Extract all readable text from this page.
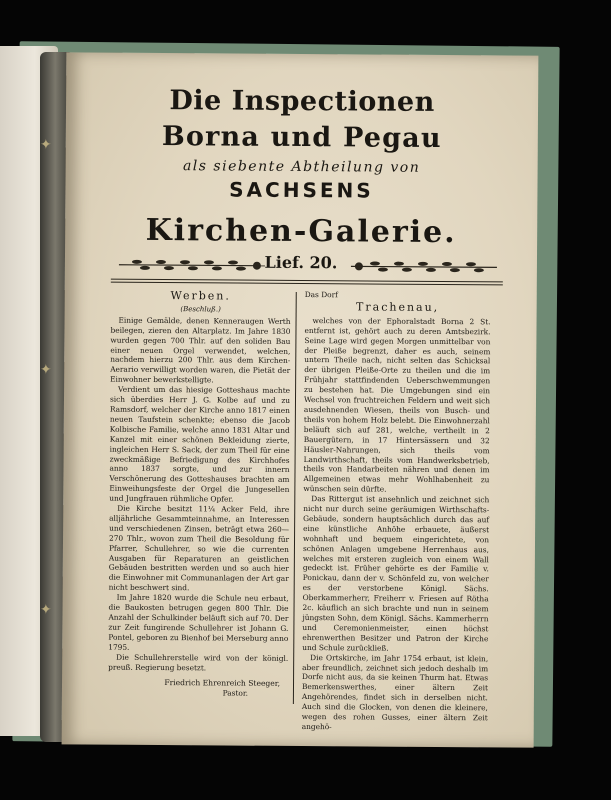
✦
✦
✦
Die Inspectionen
Borna und Pegau
als siebente Abtheilung von
SACHSENS
Kirchen-Galerie.
Lief. 20.
Werben.
(Beschluß.)

Einige Gemälde, denen Kenneraugen Werth beilegen, zieren den Altarplatz. Im Jahre 1830 wurden gegen 700 Thlr. auf den soliden Bau einer neuen Orgel verwendet, welchen, nachdem hierzu 200 Thlr. aus dem Kirchen-Aerario verwilligt worden waren, die Pietät der Einwohner bewerkstelligte.

Verdient um das hiesige Gotteshaus machte sich überdies Herr J. G. Kolbe auf und zu Ramsdorf, welcher der Kirche anno 1817 einen neuen Taufstein schenkte; ebenso die Jacob Kolbische Familie, welche anno 1831 Altar und Kanzel mit einer schönen Bekleidung zierte, ingleichen Herr S. Sack, der zum Theil für eine zweckmäßige Befriedigung des Kirchhofes anno 1837 sorgte, und zur innern Verschönerung des Gotteshauses brachten am Einweihungsfeste der Orgel die Jungesellen und Jungfrauen rühmliche Opfer.

Die Kirche besitzt 11¼ Acker Feld, ihre alljährliche Gesammteinnahme, an Interessen und verschiedenen Zinsen, beträgt etwa 260—270 Thlr., wovon zum Theil die Besoldung für Pfarrer, Schullehrer, so wie die currenten Ausgaben für Reparaturen an geistlichen Gebäuden bestritten werden und so auch hier die Einwohner mit Communanlagen der Art gar nicht beschwert sind.

Im Jahre 1820 wurde die Schule neu erbaut, die Baukosten betrugen gegen 800 Thlr. Die Anzahl der Schulkinder beläuft sich auf 70. Der zur Zeit fungirende Schullehrer ist Johann G. Pontel, geboren zu Bienhof bei Merseburg anno 1795.

Die Schullehrerstelle wird von der königl. preuß. Regierung besetzt.

Friedrich Ehrenreich Steeger,
Pastor.
Das Dorf
Trachenau,

welches von der Ephoralstadt Borna 2 St. entfernt ist, gehört auch zu deren Amtsbezirk. Seine Lage wird gegen Morgen unmittelbar von der Pleiße begrenzt, daher es auch, seinem untern Theile nach, nicht selten das Schicksal der übrigen Pleiße-Orte zu theilen und die im Frühjahr stattfindenden Ueberschwemmungen zu bestehen hat. Die Umgebungen sind ein Wechsel von fruchtreichen Feldern und weit sich ausdehnenden Wiesen, theils von Busch- und theils von hohem Holz belebt. Die Einwohnerzahl beläuft sich auf 281, welche, vertheilt in 2 Bauergütern, in 17 Hintersässern und 32 Häusler-Nahrungen, sich theils vom Landwirthschaft, theils vom Handwerksbetrieb, theils von Handarbeiten nähren und denen im Allgemeinen etwas mehr Wohlhabenheit zu wünschen sein dürfte.

Das Rittergut ist ansehnlich und zeichnet sich nicht nur durch seine geräumigen Wirthschafts-Gebäude, sondern hauptsächlich durch das auf eine künstliche Anhöhe erbauete, äußerst wohnhaft und bequem eingerichtete, von schönen Anlagen umgebene Herrenhaus aus, welches mit ersteren zugleich von einem Wall gedeckt ist. Früher gehörte es der Familie v. Ponickau, dann der v. Schönfeld zu, von welcher es der verstorbene Königl. Sächs. Oberkammerherr, Freiherr v. Friesen auf Rötha 2c. käuflich an sich brachte und nun in seinem jüngsten Sohn, dem Königl. Sächs. Kammerherrn und Ceremonienmeister, einen höchst ehrenwerthen Besitzer und Patron der Kirche und Schule zurückließ.

Die Ortskirche, im Jahr 1754 erbaut, ist klein, aber freundlich, zeichnet sich jedoch deshalb im Dorfe nicht aus, da sie keinen Thurm hat. Etwas Bemerkenswerthes, einer ältern Zeit Angehörendes, findet sich in derselben nicht. Auch sind die Glocken, von denen die kleinere, wegen des rohen Gusses, einer ältern Zeit angehö-
